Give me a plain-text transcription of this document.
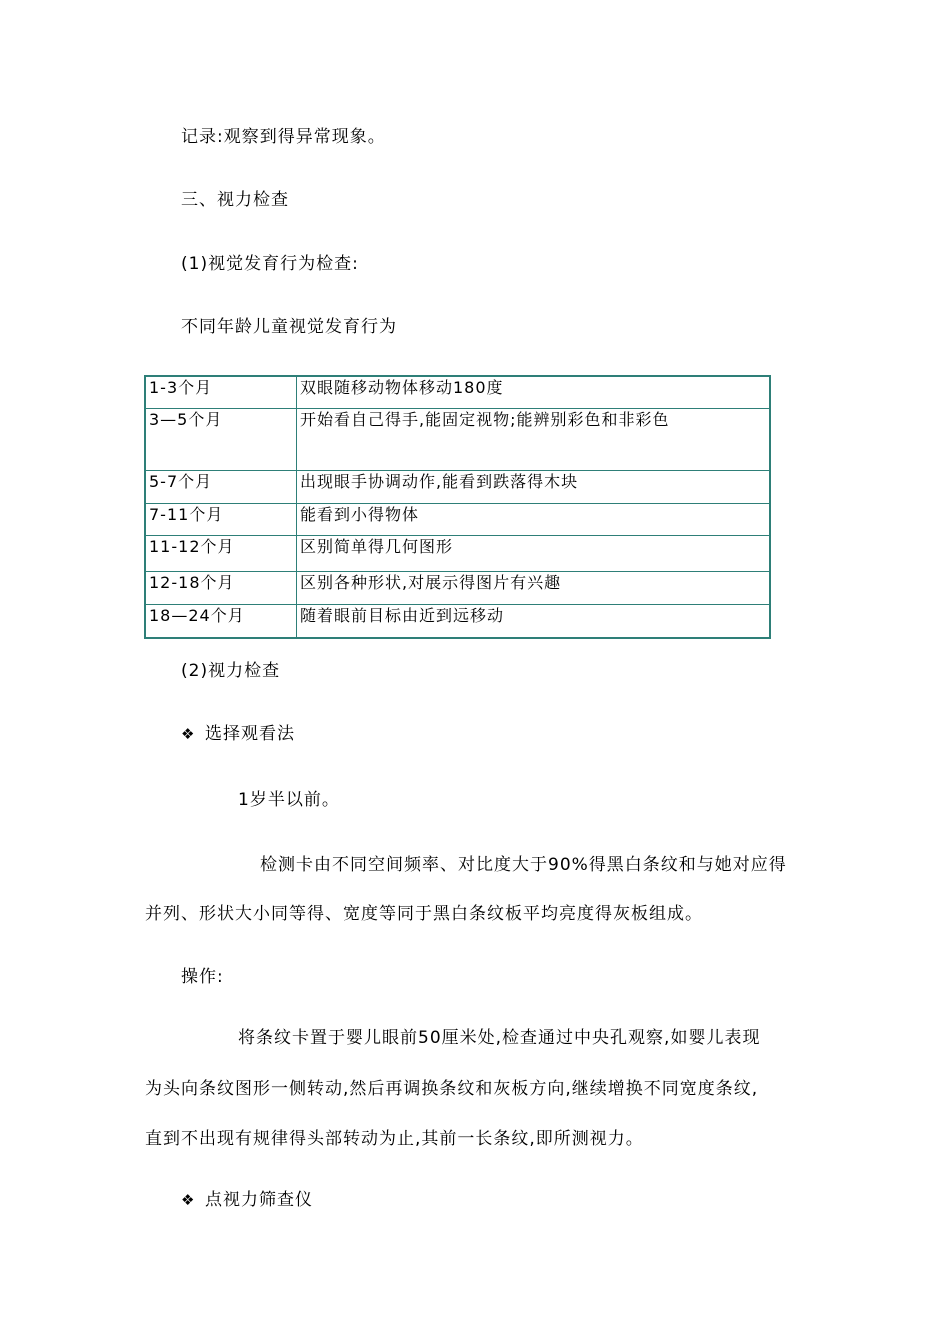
记录:观察到得异常现象。
三、视力检查
(1)视觉发育行为检查:
不同年龄儿童视觉发育行为
1-3个月	双眼随移动物体移动180度
3—5个月	开始看自己得手,能固定视物;能辨别彩色和非彩色
5-7个月	出现眼手协调动作,能看到跌落得木块
7-11个月	能看到小得物体
11-12个月	区别简单得几何图形
12-18个月	区别各种形状,对展示得图片有兴趣
18—24个月	随着眼前目标由近到远移动
(2)视力检查
❖ 选择观看法
1岁半以前。
检测卡由不同空间频率、对比度大于90%得黑白条纹和与她对应得
并列、形状大小同等得、宽度等同于黑白条纹板平均亮度得灰板组成。
操作:
将条纹卡置于婴儿眼前50厘米处,检查通过中央孔观察,如婴儿表现
为头向条纹图形一侧转动,然后再调换条纹和灰板方向,继续增换不同宽度条纹,
直到不出现有规律得头部转动为止,其前一长条纹,即所测视力。
❖ 点视力筛查仪
